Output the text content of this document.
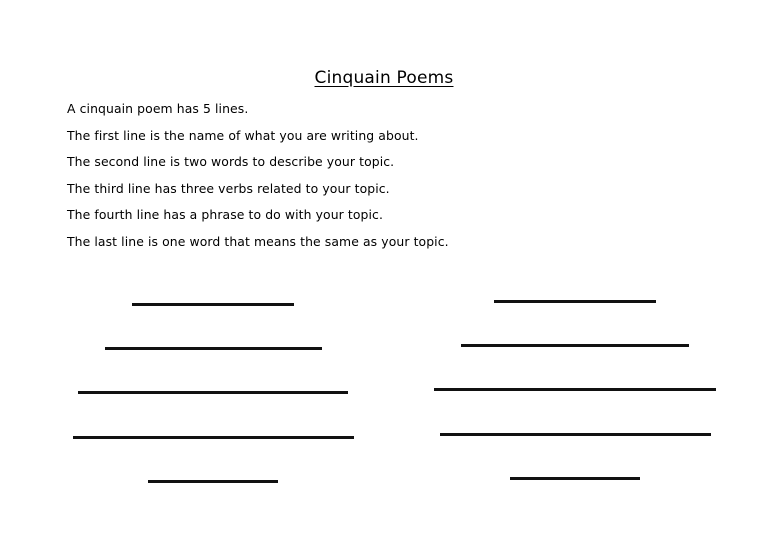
Cinquain Poems
A cinquain poem has 5 lines.
The first line is the name of what you are writing about.
The second line is two words to describe your topic.
The third line has three verbs related to your topic.
The fourth line has a phrase to do with your topic.
The last line is one word that means the same as your topic.
